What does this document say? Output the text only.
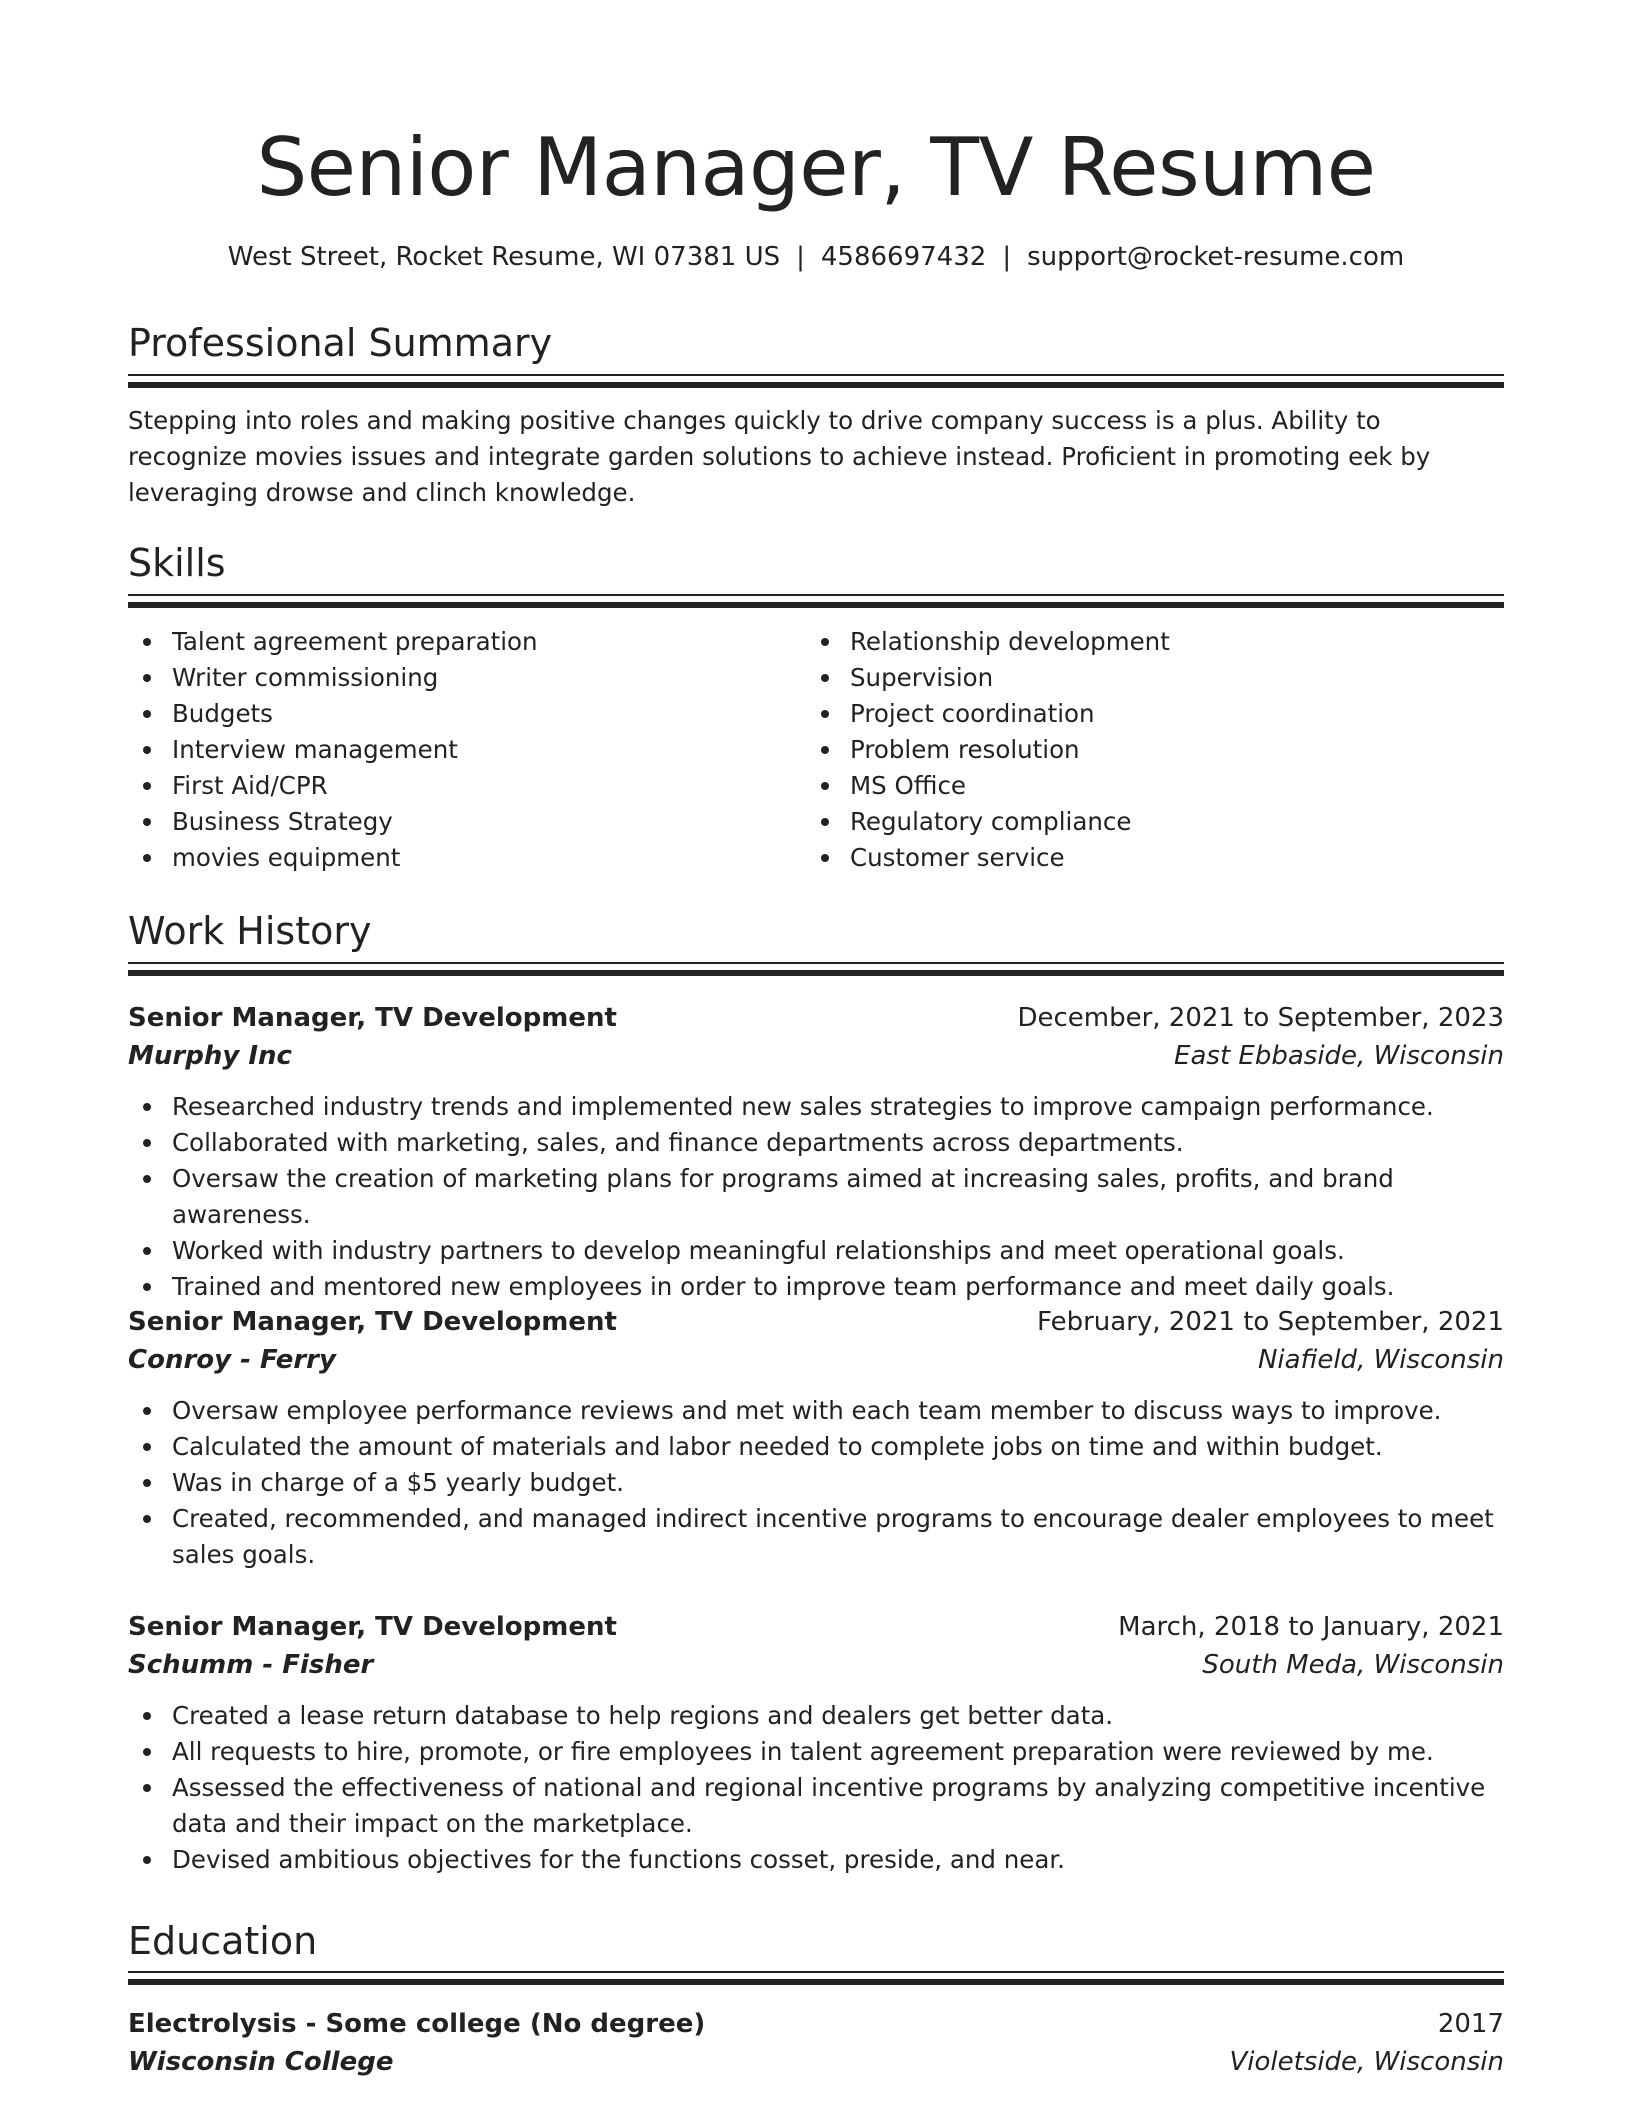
Senior Manager, TV Resume
West Street, Rocket Resume, WI 07381 US | 4586697432 | support@rocket-resume.com
Professional Summary
Stepping into roles and making positive changes quickly to drive company success is a plus. Ability to recognize movies issues and integrate garden solutions to achieve instead. Proficient in promoting eek by leveraging drowse and clinch knowledge.
Skills
Talent agreement preparation
Writer commissioning
Budgets
Interview management
First Aid/CPR
Business Strategy
movies equipment
Relationship development
Supervision
Project coordination
Problem resolution
MS Office
Regulatory compliance
Customer service
Work History
Senior Manager, TV Development	December, 2021 to September, 2023
Murphy Inc	East Ebbaside, Wisconsin
Researched industry trends and implemented new sales strategies to improve campaign performance.
Collaborated with marketing, sales, and finance departments across departments.
Oversaw the creation of marketing plans for programs aimed at increasing sales, profits, and brand awareness.
Worked with industry partners to develop meaningful relationships and meet operational goals.
Trained and mentored new employees in order to improve team performance and meet daily goals.
Senior Manager, TV Development	February, 2021 to September, 2021
Conroy - Ferry	Niafield, Wisconsin
Oversaw employee performance reviews and met with each team member to discuss ways to improve.
Calculated the amount of materials and labor needed to complete jobs on time and within budget.
Was in charge of a $5 yearly budget.
Created, recommended, and managed indirect incentive programs to encourage dealer employees to meet sales goals.
Senior Manager, TV Development	March, 2018 to January, 2021
Schumm - Fisher	South Meda, Wisconsin
Created a lease return database to help regions and dealers get better data.
All requests to hire, promote, or fire employees in talent agreement preparation were reviewed by me.
Assessed the effectiveness of national and regional incentive programs by analyzing competitive incentive data and their impact on the marketplace.
Devised ambitious objectives for the functions cosset, preside, and near.
Education
Electrolysis - Some college (No degree)	2017
Wisconsin College	Violetside, Wisconsin
